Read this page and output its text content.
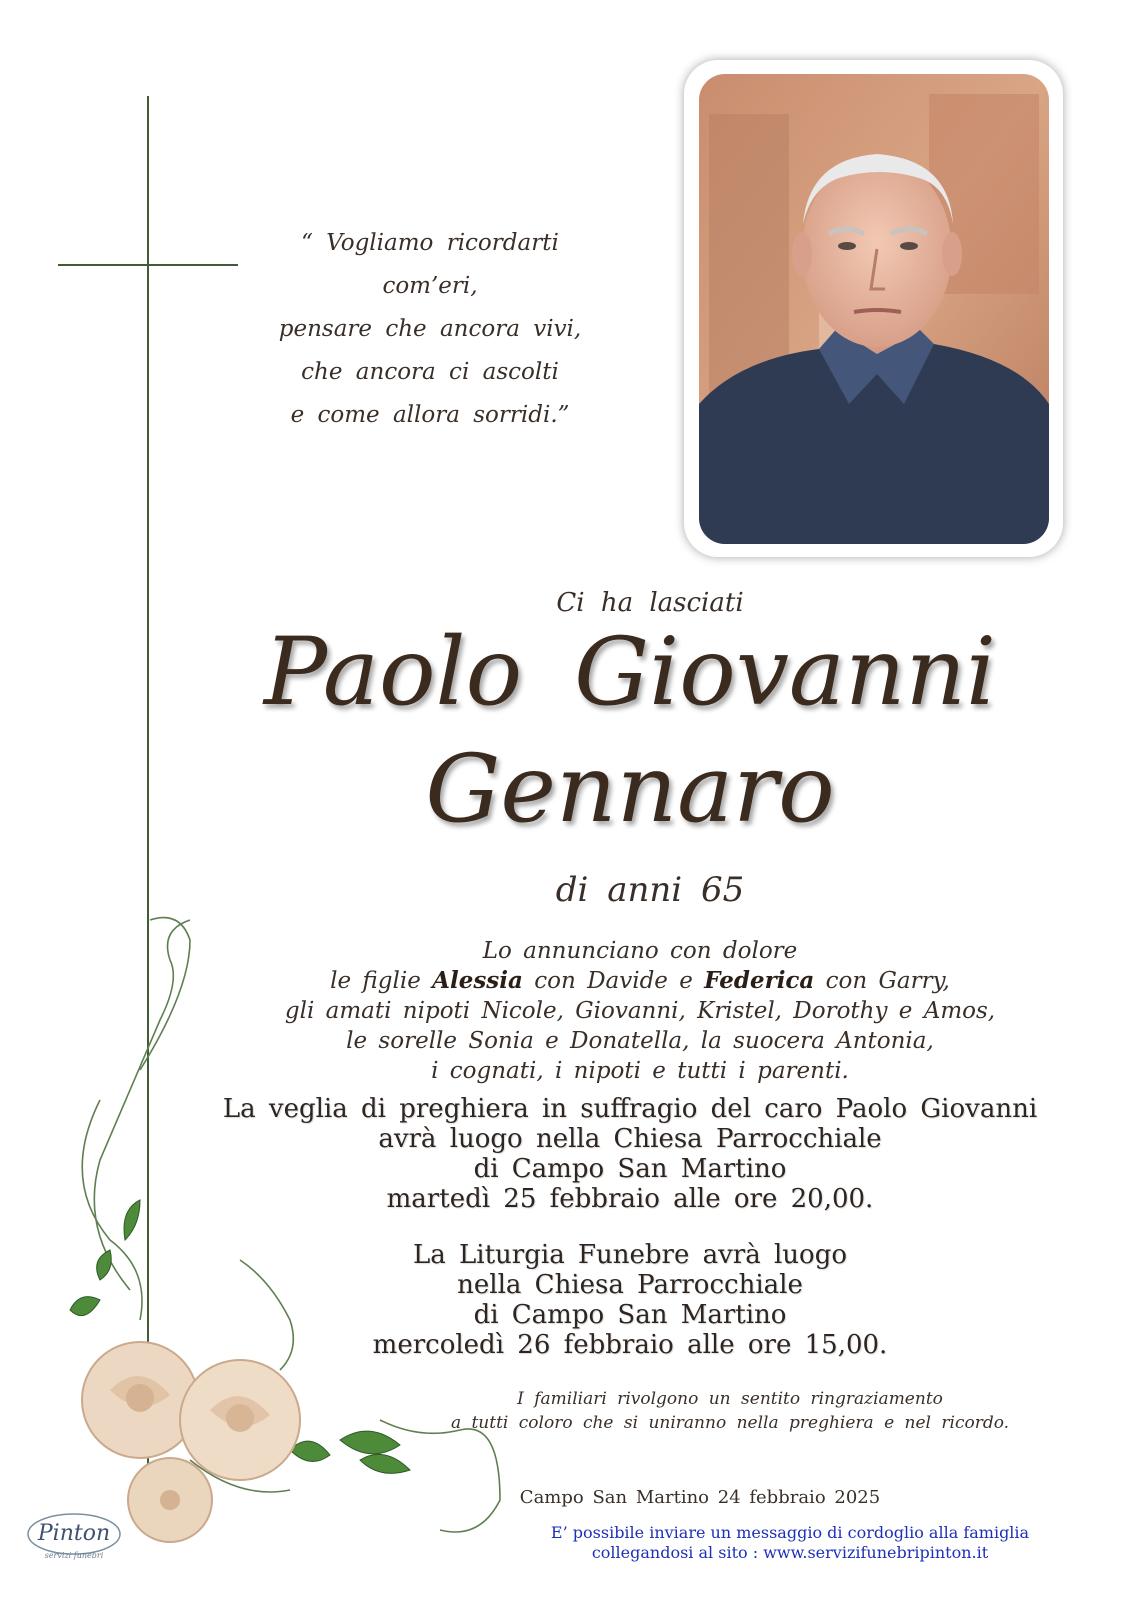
“ Vogliamo ricordarti com’eri,
pensare che ancora vivi,
che ancora ci ascolti
e come allora sorridi.”
Ci ha lasciati
Paolo Giovanni
Gennaro
di anni 65
Lo annunciano con dolore
le figlie Alessia con Davide e Federica con Garry,
gli amati nipoti Nicole, Giovanni, Kristel, Dorothy e Amos,
le sorelle Sonia e Donatella, la suocera Antonia,
i cognati, i nipoti e tutti i parenti.
La veglia di preghiera in suffragio del caro Paolo Giovanni
avrà luogo nella Chiesa Parrocchiale
di Campo San Martino
martedì 25 febbraio alle ore 20,00.
La Liturgia Funebre avrà luogo
nella Chiesa Parrocchiale
di Campo San Martino
mercoledì 26 febbraio alle ore 15,00.
I familiari rivolgono un sentito ringraziamento
a tutti coloro che si uniranno nella preghiera e nel ricordo.
Campo San Martino 24 febbraio 2025
E’ possibile inviare un messaggio di cordoglio alla famiglia
collegandosi al sito : www.servizifunebripinton.it
Pinton
servizi funebri
